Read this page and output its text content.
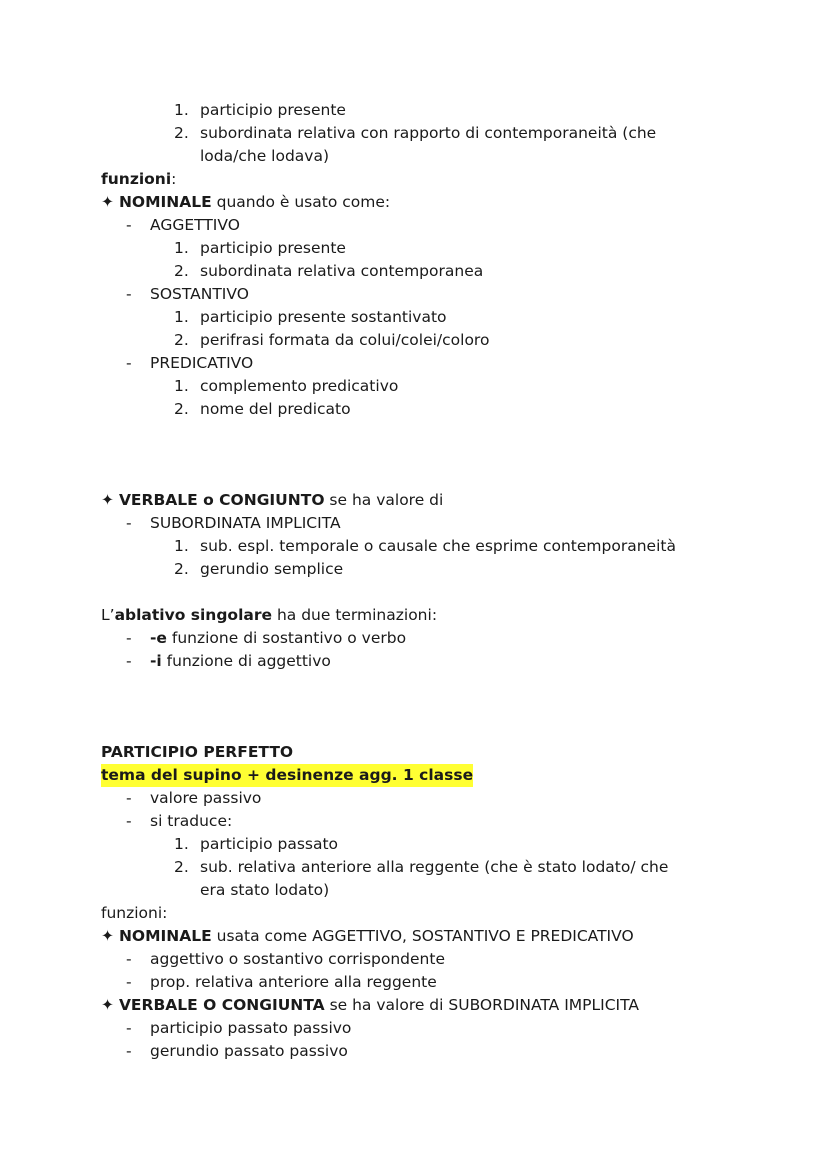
1. participio presente
2. subordinata relativa con rapporto di contemporaneità (che
loda/che lodava)
funzioni:
✦ NOMINALE quando è usato come:
- AGGETTIVO
1. participio presente
2. subordinata relativa contemporanea
- SOSTANTIVO
1. participio presente sostantivato
2. perifrasi formata da colui/colei/coloro
- PREDICATIVO
1. complemento predicativo
2. nome del predicato
✦ VERBALE o CONGIUNTO se ha valore di
- SUBORDINATA IMPLICITA
1. sub. espl. temporale o causale che esprime contemporaneità
2. gerundio semplice
L’ablativo singolare ha due terminazioni:
- -e funzione di sostantivo o verbo
- -i funzione di aggettivo
PARTICIPIO PERFETTO
tema del supino + desinenze agg. 1 classe
- valore passivo
- si traduce:
1. participio passato
2. sub. relativa anteriore alla reggente (che è stato lodato/ che
era stato lodato)
funzioni:
✦ NOMINALE usata come AGGETTIVO, SOSTANTIVO E PREDICATIVO
- aggettivo o sostantivo corrispondente
- prop. relativa anteriore alla reggente
✦ VERBALE O CONGIUNTA se ha valore di SUBORDINATA IMPLICITA
- participio passato passivo
- gerundio passato passivo
